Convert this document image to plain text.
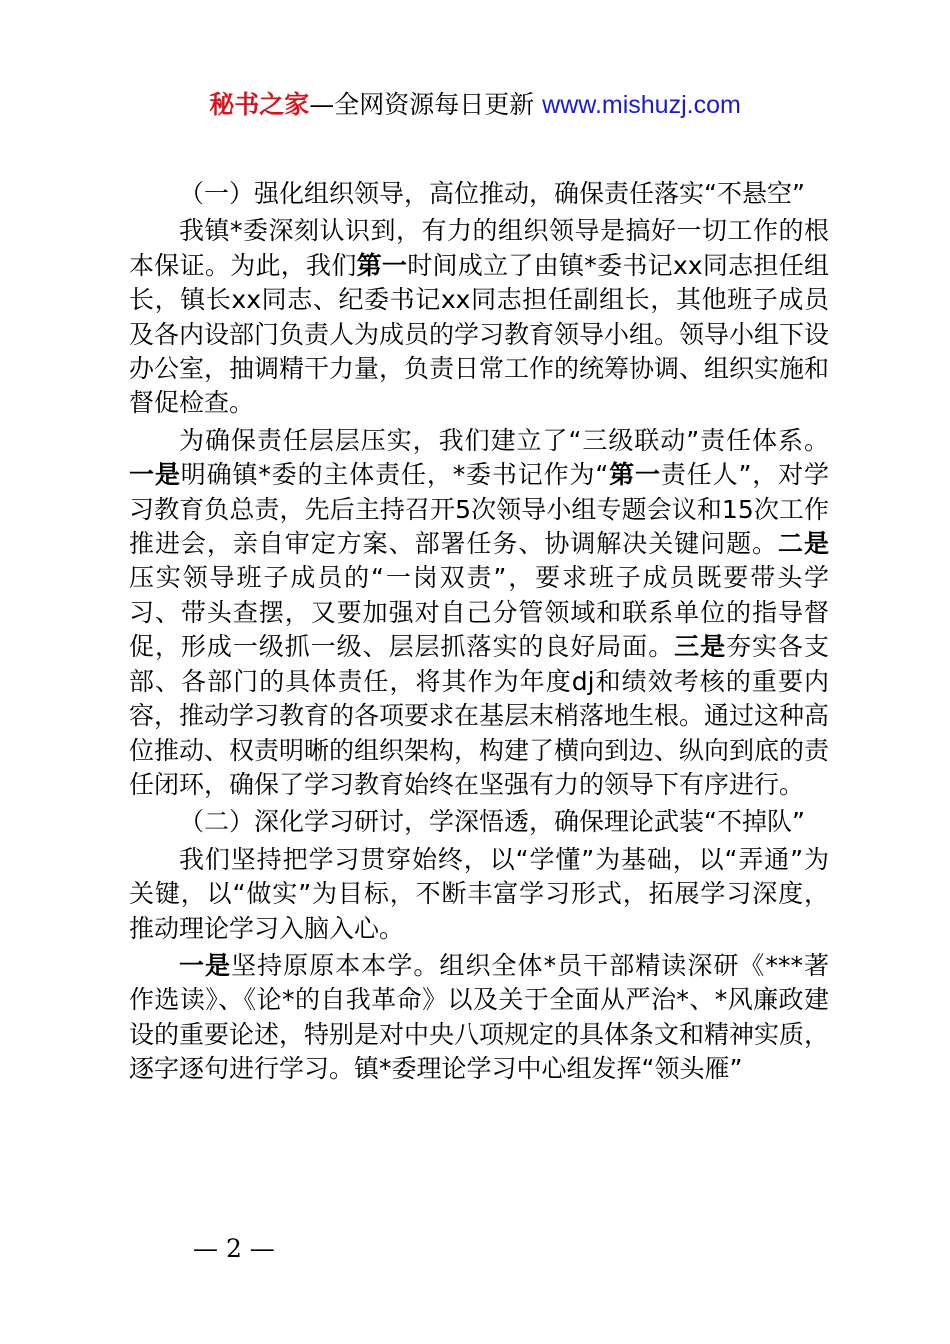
秘书之家—全网资源每日更新 www.mishuzj.com

（一）强化组织领导，高位推动，确保责任落实“不悬空”

我镇*委深刻认识到，有力的组织领导是搞好一切工作的根本保证。为此，我们第一时间成立了由镇*委书记xx同志担任组长，镇长xx同志、纪委书记xx同志担任副组长，其他班子成员及各内设部门负责人为成员的学习教育领导小组。领导小组下设办公室，抽调精干力量，负责日常工作的统筹协调、组织实施和督促检查。

为确保责任层层压实，我们建立了“三级联动”责任体系。一是明确镇*委的主体责任，*委书记作为“第一责任人”，对学习教育负总责，先后主持召开5次领导小组专题会议和15次工作推进会，亲自审定方案、部署任务、协调解决关键问题。二是压实领导班子成员的“一岗双责”，要求班子成员既要带头学习、带头查摆，又要加强对自己分管领域和联系单位的指导督促，形成一级抓一级、层层抓落实的良好局面。三是夯实各支部、各部门的具体责任，将其作为年度dj和绩效考核的重要内容，推动学习教育的各项要求在基层末梢落地生根。通过这种高位推动、权责明晰的组织架构，构建了横向到边、纵向到底的责任闭环，确保了学习教育始终在坚强有力的领导下有序进行。

（二）深化学习研讨，学深悟透，确保理论武装“不掉队”

我们坚持把学习贯穿始终，以“学懂”为基础，以“弄通”为关键，以“做实”为目标，不断丰富学习形式，拓展学习深度，推动理论学习入脑入心。

一是坚持原原本本学。组织全体*员干部精读深研《***著作选读》、《论*的自我革命》以及关于全面从严治*、*风廉政建设的重要论述，特别是对中央八项规定的具体条文和精神实质，逐字逐句进行学习。镇*委理论学习中心组发挥“领头雁”

— 2 —
